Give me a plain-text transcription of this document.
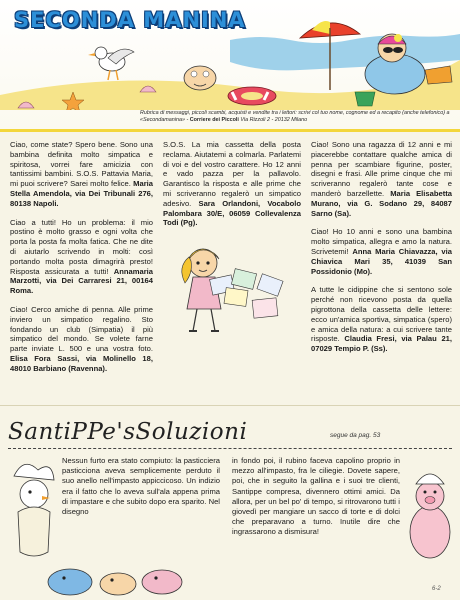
SECONDA MANINA
Rubrica di messaggi, piccoli scambi, acquisti e vendite tra i lettori: scrivi col tuo nome, cognome ed a recapito (anche telefonico) a «Secondamanina» - Corriere dei Piccoli Via Rizzoli 2 - 20132 Milano

Ciao, come state? Spero bene. Sono una bambina definita molto simpatica e spiritosa, vorrei fare amicizia con tantissimi bambini. S.O.S. Pattavia Maria, mi puoi scrivere? Sarei molto felice. Maria Stella Amendola, via Dei Tribunali 276, 80138 Napoli.

Ciao a tutti! Ho un problema: il mio postino è molto grasso e ogni volta che porta la posta fa molta fatica. Che ne dite di aiutarlo scrivendo in molti: così portando molta posta dimagrirà presto! Risposta assicurata a tutti! Annamaria Marzotti, via Dei Carraresi 21, 00164 Roma.

Ciao! Cerco amiche di penna. Alle prime inviero un simpatico regalino. Sto fondando un club (Simpatia) il più simpatico del mondo. Se volete farne parte inviate L. 500 e una vostra foto. Elisa Fora Sassi, via Molinello 18, 48010 Barbiano (Ravenna).

S.O.S. La mia cassetta della posta reclama. Aiutatemi a colmarla. Parlatemi di voi e del vostro carattere. Ho 12 anni e vado pazza per la pallavolo. Garantisco la risposta e alle prime che mi scriveranno regalerò un simpatico adesivo. Sara Orlandoni, Vocabolo Palombara 30/E, 06059 Collevalenza Todi (Pg).

Ciao! Sono una ragazza di 12 anni e mi piacerebbe contattare qualche amica di penna per scambiare figurine, poster, disegni e frasi. Alle prime cinque che mi scriveranno regalerò tante cose e manderò barzellette. Maria Elisabetta Murano, via G. Sodano 29, 84087 Sarno (Sa).

Ciao! Ho 10 anni e sono una bambina molto simpatica, allegra e amo la natura. Scrivetemi! Anna Maria Chiavazza, via Chiavica Mari 35, 41039 San Possidonio (Mo).

A tutte le cidippine che si sentono sole perché non ricevono posta da quella pigrottona della cassetta delle lettere: ecco un'amica sportiva, simpatica (spero) e amica della natura: a cui scrivere tante risposte. Claudia Fresi, via Palau 21, 07029 Tempio P. (Ss).

SantiPPe'sSoluzioni	segue da pag. 53
Nessun furto era stato compiuto: la pasticciera pasticciona aveva semplicemente perduto il suo anello nell'impasto appiccicoso. Un indizio era il fatto che lo aveva sull'ala appena prima di impastare e che subito dopo era sparito. Nel disegno
in fondo poi, il rubino faceva capolino proprio in mezzo all'impasto, fra le ciliegie. Dovete sapere, poi, che in seguito la gallina e i suoi tre clienti, Santippe compresa, divennero ottimi amici. Da allora, per un bel po' di tempo, si ritrovarono tutti i giovedì per mangiare un sacco di torte e di dolci che preparavano a turno. Inutile dire che ingrassarono a dismisura!
6-2
